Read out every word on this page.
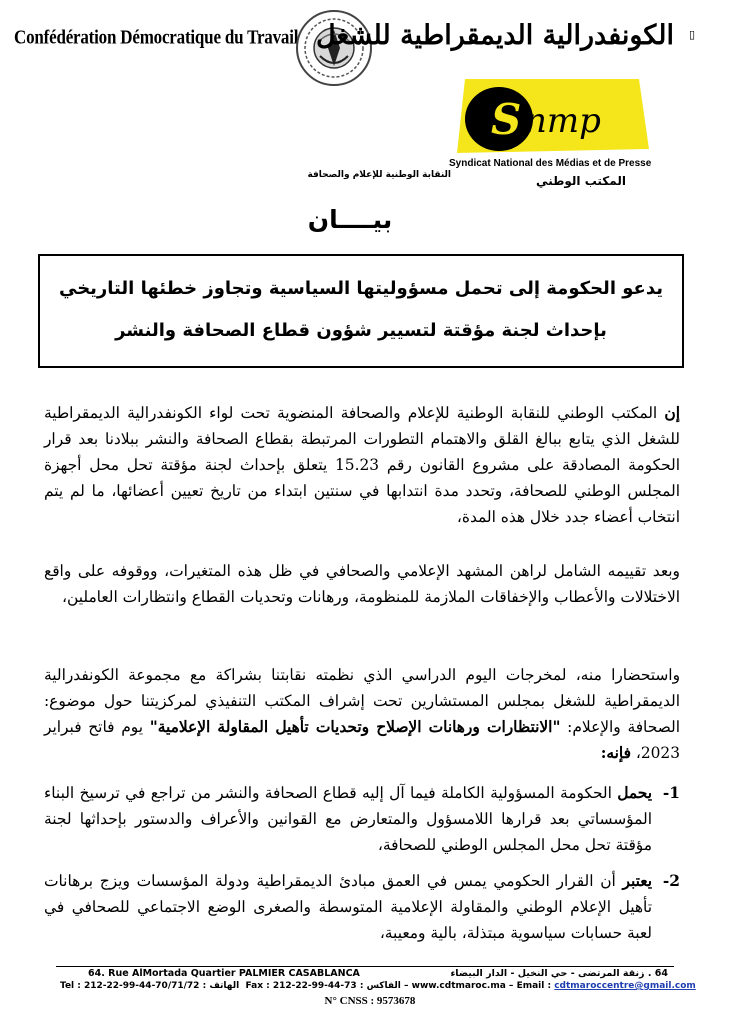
Confédération Démocratique du Travail الكونفدرالية الديمقراطية للشغل ▯
S nmp
Syndicat National des Médias et de Presse
النقابة الوطنية للإعلام والصحافة	المكتب الوطني
بيــــان
يدعو الحكومة إلى تحمل مسؤوليتها السياسية وتجاوز خطئها التاريخي
بإحداث لجنة مؤقتة لتسيير شؤون قطاع الصحافة والنشر

إن المكتب الوطني للنقابة الوطنية للإعلام والصحافة المنضوية تحت لواء الكونفدرالية الديمقراطية للشغل الذي يتابع ببالغ القلق والاهتمام التطورات المرتبطة بقطاع الصحافة والنشر ببلادنا بعد قرار الحكومة المصادقة على مشروع القانون رقم 15.23 يتعلق بإحداث لجنة مؤقتة تحل محل أجهزة المجلس الوطني للصحافة، وتحدد مدة انتدابها في سنتين ابتداء من تاريخ تعيين أعضائها، ما لم يتم انتخاب أعضاء جدد خلال هذه المدة،

وبعد تقييمه الشامل لراهن المشهد الإعلامي والصحافي في ظل هذه المتغيرات، ووقوفه على واقع الاختلالات والأعطاب والإخفاقات الملازمة للمنظومة، ورهانات وتحديات القطاع وانتظارات العاملين،

واستحضارا منه، لمخرجات اليوم الدراسي الذي نظمته نقابتنا بشراكة مع مجموعة الكونفدرالية الديمقراطية للشغل بمجلس المستشارين تحت إشراف المكتب التنفيذي لمركزيتنا حول موضوع: الصحافة والإعلام: "الانتظارات ورهانات الإصلاح وتحديات تأهيل المقاولة الإعلامية" يوم فاتح فبراير 2023، فإنه:

1-
يحمل الحكومة المسؤولية الكاملة فيما آل إليه قطاع الصحافة والنشر من تراجع في ترسيخ البناء المؤسساتي بعد قرارها اللامسؤول والمتعارض مع القوانين والأعراف والدستور بإحداثها لجنة مؤقتة تحل محل المجلس الوطني للصحافة،
2-
يعتبر أن القرار الحكومي يمس في العمق مبادئ الديمقراطية ودولة المؤسسات ويزج برهانات تأهيل الإعلام الوطني والمقاولة الإعلامية المتوسطة والصغرى الوضع الاجتماعي للصحافي في لعبة حسابات سياسوية مبتذلة، بالية ومعيبة،
64. Rue AlMortada Quartier PALMIER CASABLANCA	64 . زنقة المرتضى - حي النخيل - الدار البيضاء
Tel : 212-22-99-44-70/71/72 : الهاتف Fax : 212-22-99-44-73 : الفاكس – www.cdtmaroc.ma – Email : cdtmaroccentre@gmail.com
N° CNSS : 9573678
